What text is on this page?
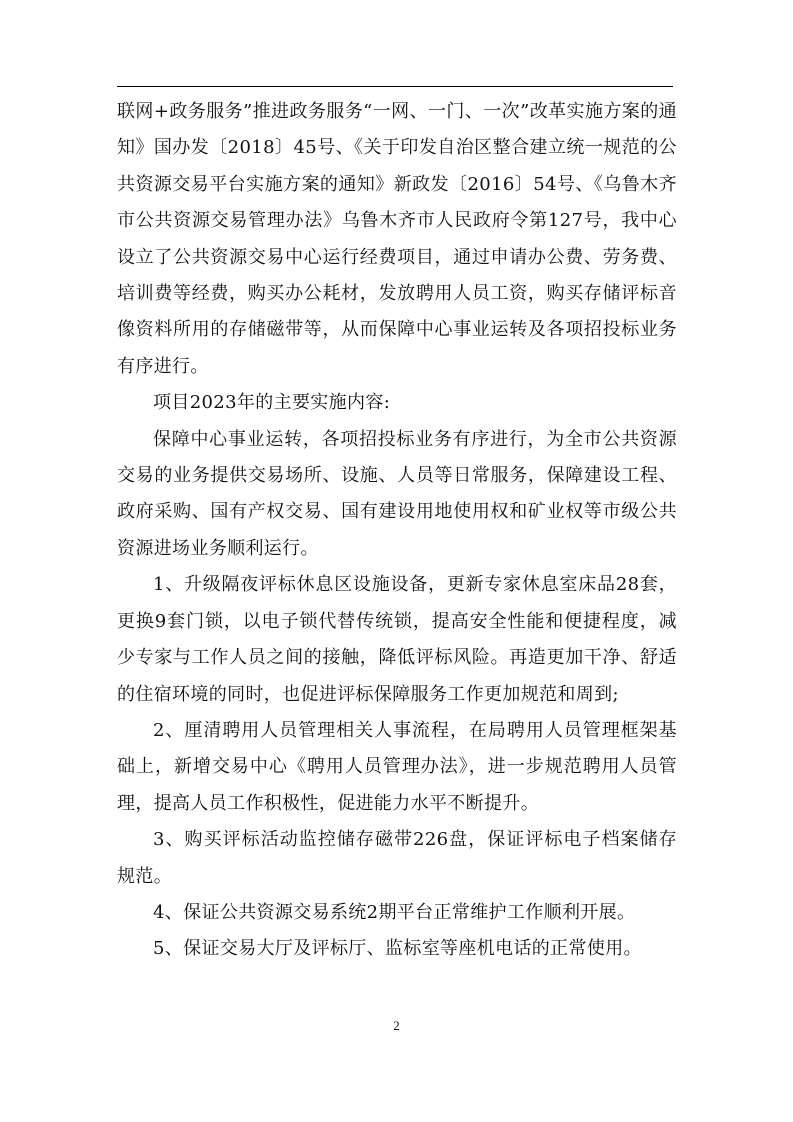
联网+政务服务”推进政务服务“一网、一门、一次”改革实施方案的通知》国办发〔2018〕45号、《关于印发自治区整合建立统一规范的公共资源交易平台实施方案的通知》新政发〔2016〕54号、《乌鲁木齐市公共资源交易管理办法》乌鲁木齐市人民政府令第127号，我中心设立了公共资源交易中心运行经费项目，通过申请办公费、劳务费、培训费等经费，购买办公耗材，发放聘用人员工资，购买存储评标音像资料所用的存储磁带等，从而保障中心事业运转及各项招投标业务有序进行。

项目2023年的主要实施内容:

保障中心事业运转，各项招投标业务有序进行，为全市公共资源交易的业务提供交易场所、设施、人员等日常服务，保障建设工程、政府采购、国有产权交易、国有建设用地使用权和矿业权等市级公共资源进场业务顺利运行。

1、升级隔夜评标休息区设施设备，更新专家休息室床品28套，更换9套门锁，以电子锁代替传统锁，提高安全性能和便捷程度，减少专家与工作人员之间的接触，降低评标风险。再造更加干净、舒适的住宿环境的同时，也促进评标保障服务工作更加规范和周到;

2、厘清聘用人员管理相关人事流程，在局聘用人员管理框架基础上，新增交易中心《聘用人员管理办法》，进一步规范聘用人员管理，提高人员工作积极性，促进能力水平不断提升。

3、购买评标活动监控储存磁带226盘，保证评标电子档案储存规范。

4、保证公共资源交易系统2期平台正常维护工作顺利开展。

5、保证交易大厅及评标厅、监标室等座机电话的正常使用。

2
